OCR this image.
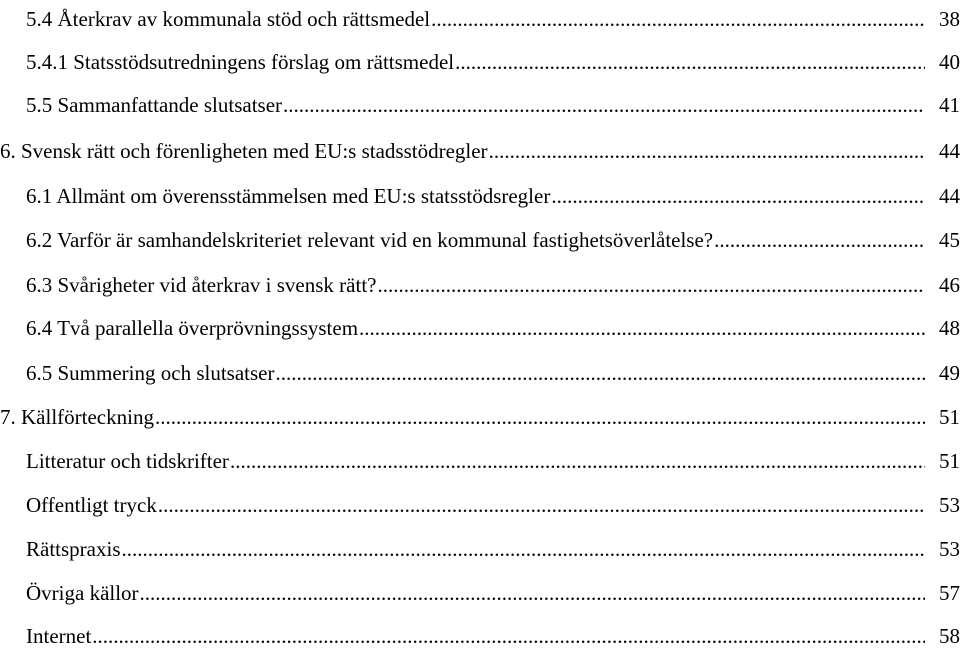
5.4 Återkrav av kommunala stöd och rättsmedel .....	38
5.4.1 Statsstödsutredningens förslag om rättsmedel .....	40
5.5 Sammanfattande slutsatser .....	41
6. Svensk rätt och förenligheten med EU:s stadsstödregler .....	44
6.1 Allmänt om överensstämmelsen med EU:s statsstödsregler .....	44
6.2 Varför är samhandelskriteriet relevant vid en kommunal fastighetsöverlåtelse? .....	45
6.3 Svårigheter vid återkrav i svensk rätt? .....	46
6.4 Två parallella överprövningssystem .....	48
6.5 Summering och slutsatser .....	49
7. Källförteckning .....	51
Litteratur och tidskrifter .....	51
Offentligt tryck .....	53
Rättspraxis .....	53
Övriga källor .....	57
Internet .....	58
